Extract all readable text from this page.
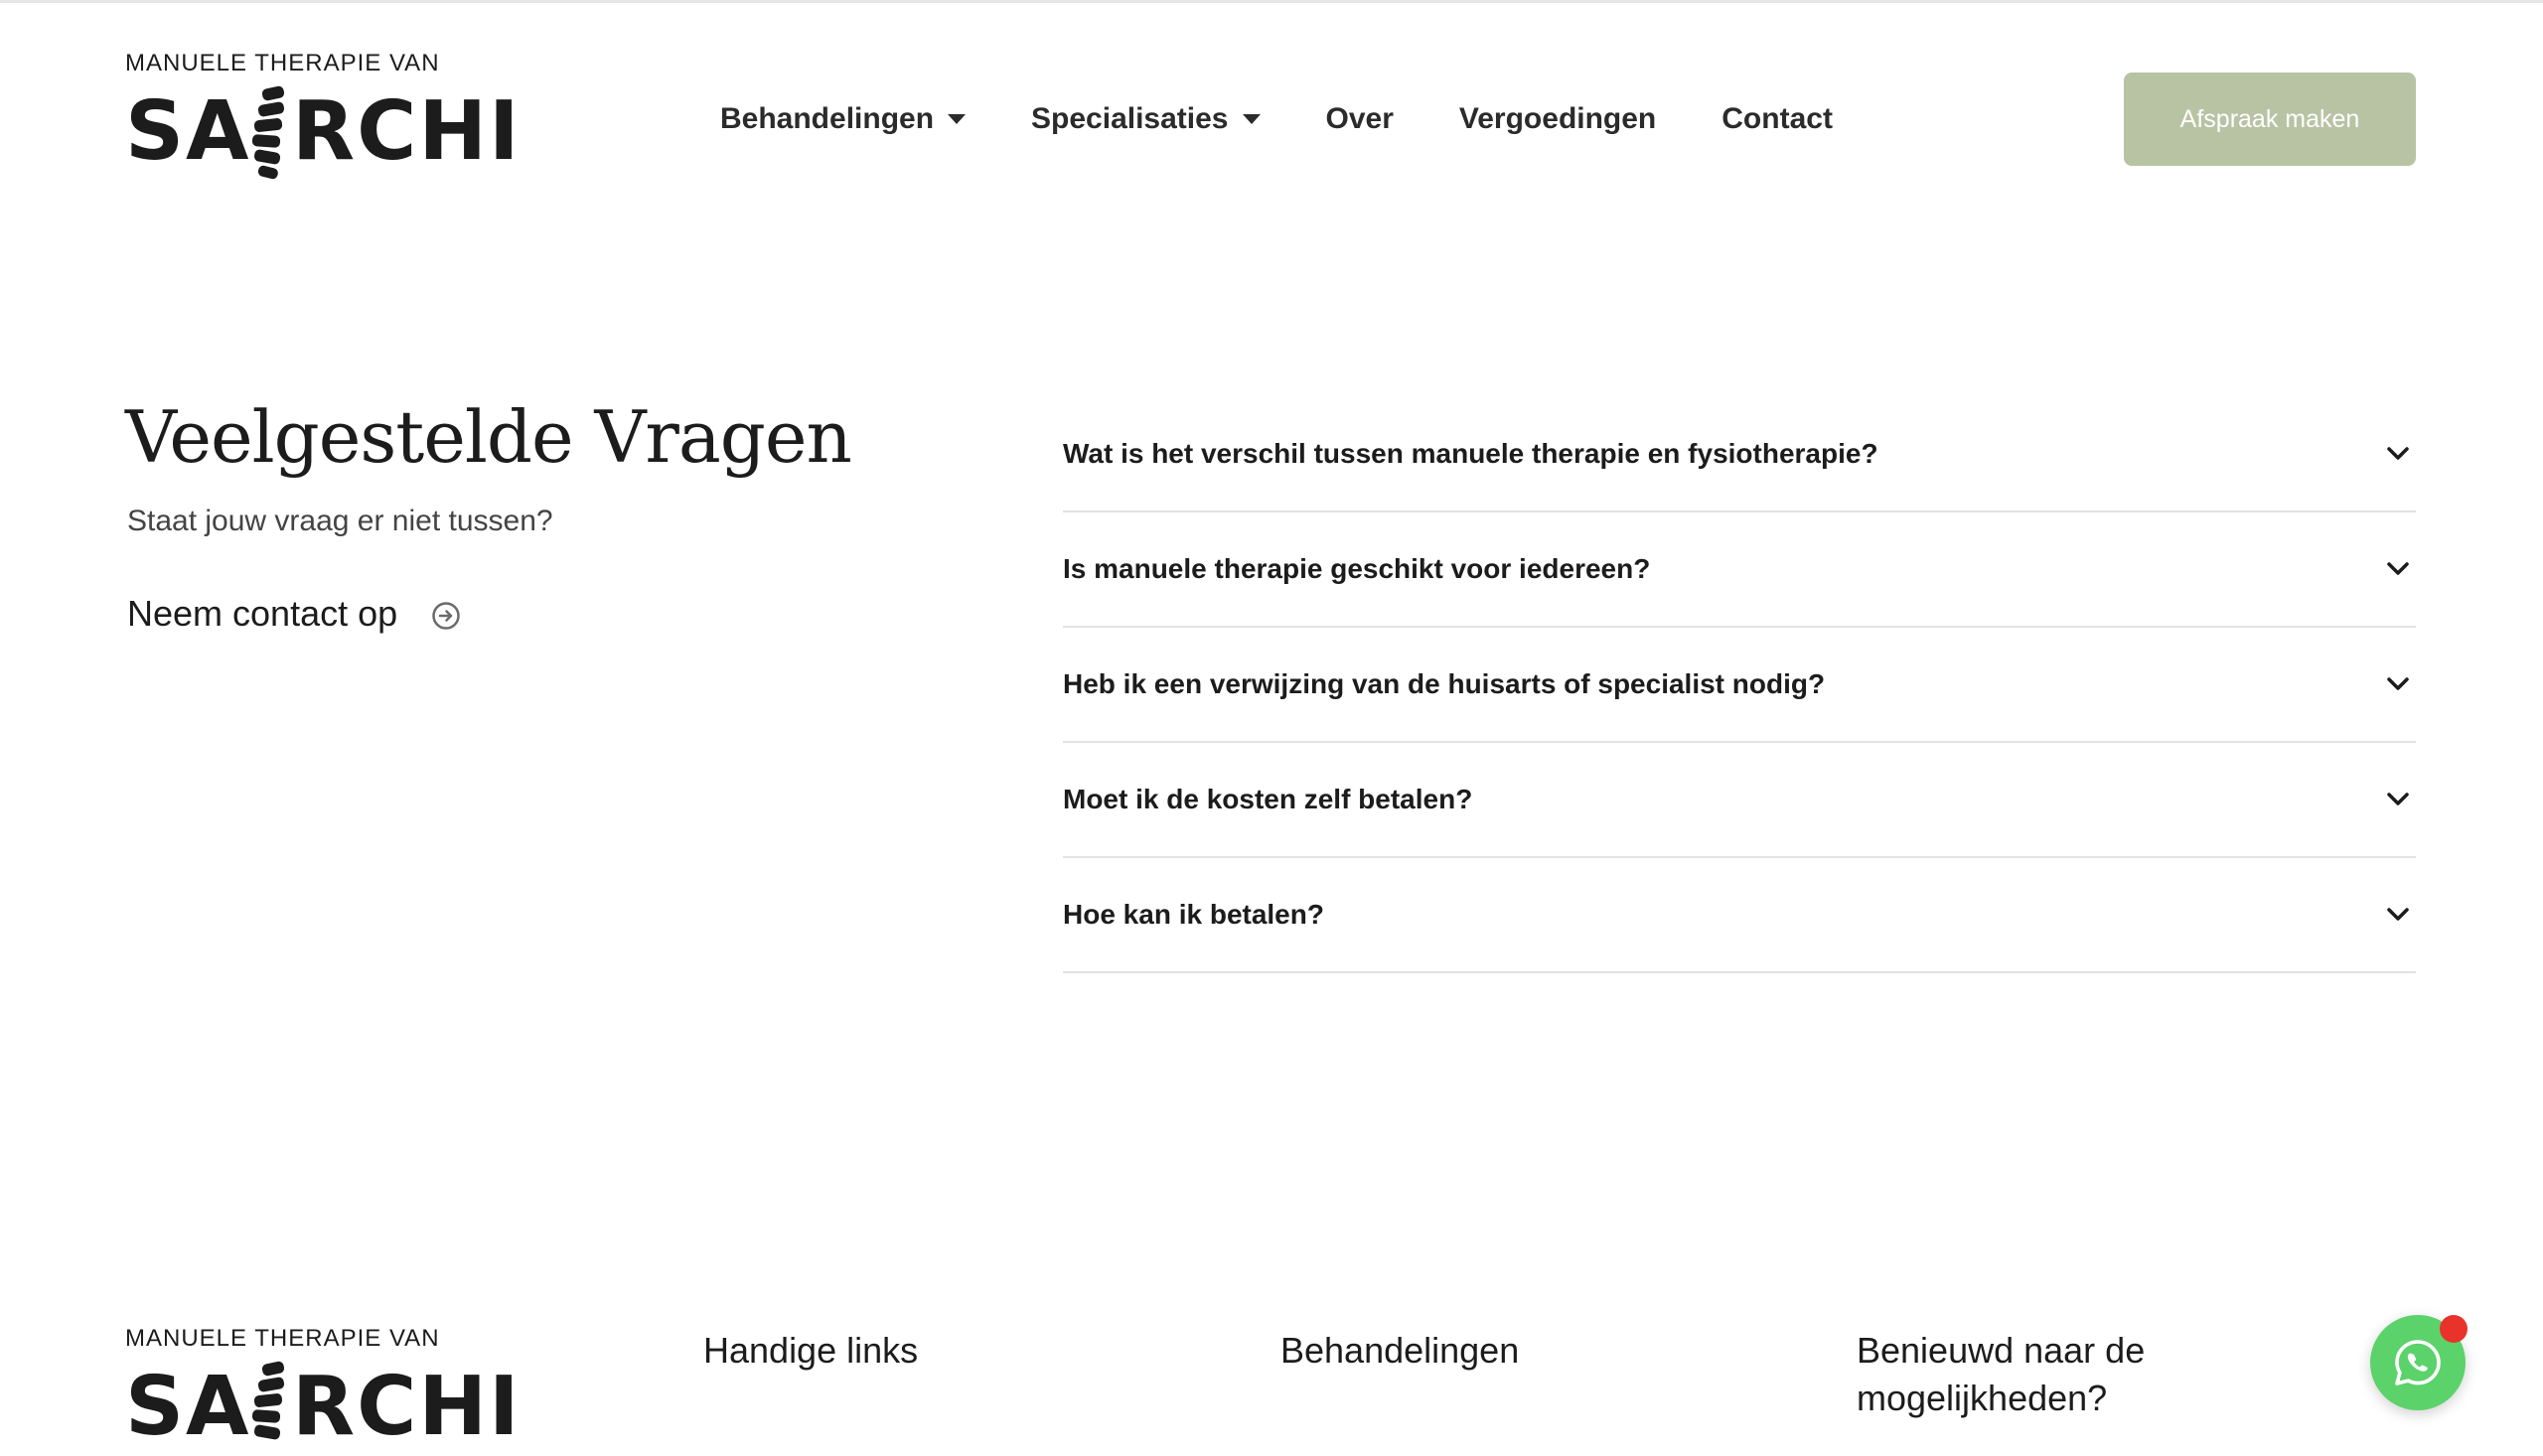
MANUELE THERAPIE VAN
SA RCHI	Behandelingen	Specialisaties	Over Vergoedingen Contact	Afspraak maken
Veelgestelde Vragen
Staat jouw vraag er niet tussen?
Neem contact op
Wat is het verschil tussen manuele therapie en fysiotherapie?
Is manuele therapie geschikt voor iedereen?
Heb ik een verwijzing van de huisarts of specialist nodig?
Moet ik de kosten zelf betalen?
Hoe kan ik betalen?
MANUELE THERAPIE VAN
SA RCHI
Handige links	Behandelingen	Benieuwd naar de
mogelijkheden?
